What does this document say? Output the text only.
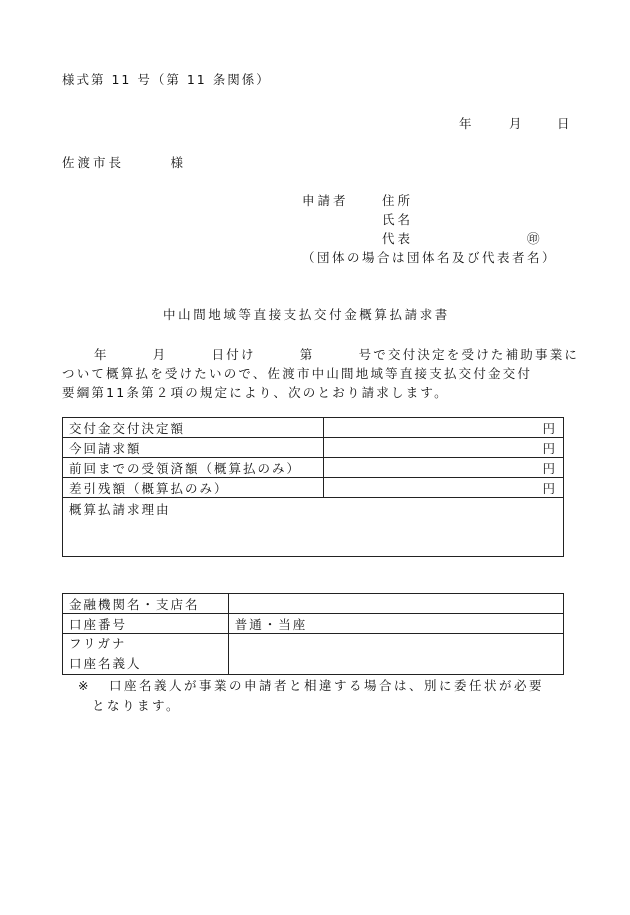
様式第 11 号（第 11 条関係）
年	月	日
佐渡市長　　　様
申請者	住所
氏名
代表	㊞
（団体の場合は団体名及び代表者名）
中山間地域等直接支払交付金概算払請求書
年　　　月　　　日付け　　　第　　　号で交付決定を受けた補助事業に
ついて概算払を受けたいので、佐渡市中山間地域等直接支払交付金交付
要綱第11条第２項の規定により、次のとおり請求します。
交付金交付決定額	円
今回請求額	円
前回までの受領済額（概算払のみ）	円
差引残額（概算払のみ）	円
概算払請求理由	
金融機関名・支店名	
口座番号	普通・当座

フリガナ
口座名義人	

※ 口座名義人が事業の申請者と相違する場合は、別に委任状が必要
となります。
